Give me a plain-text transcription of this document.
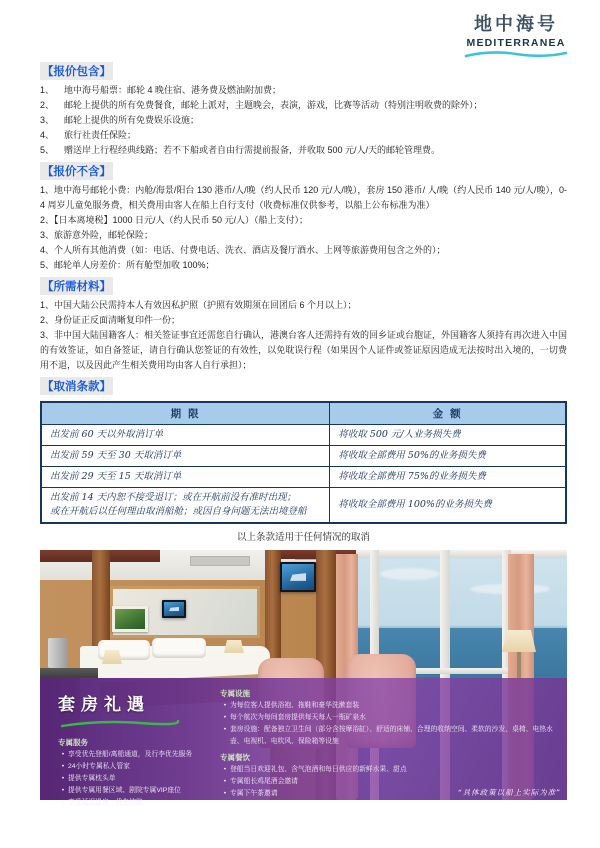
地中海号
MEDITERRANEA
【报价包含】
1、	地中海号船票：邮轮 4 晚住宿、港务费及燃油附加费；
2、	邮轮上提供的所有免费餐食，邮轮上派对，主题晚会，表演，游戏，比赛等活动（特别注明收费的除外）；
3、	邮轮上提供的所有免费娱乐设施；
4、	旅行社责任保险；
5、	赠送岸上行程经典线路；若不下船或者自由行需提前报备，并收取 500 元/人/天的邮轮管理费。
【报价不含】
1、地中海号邮轮小费：内舱/海景/阳台 130 港币/人/晚（约人民币 120 元/人/晚），套房 150 港币/ 人/晚（约人民币 140 元/人/晚），0-4 周岁儿童免服务费，相关费用由客人在船上自行支付（收费标准仅供参考，以船上公布标准为准）
2、【日本离境税】1000 日元/人（约人民币 50 元/人）（船上支付）；
3、旅游意外险，邮轮保险；
4、个人所有其他消费（如：电话、付费电话、洗衣、酒店及餐厅酒水、上网等旅游费用包含之外的）；
5、邮轮单人房差价：所有舱型加收 100%；
【所需材料】
1、中国大陆公民需持本人有效因私护照（护照有效期须在回团后 6 个月以上）；
2、身份证正反面清晰复印件一份；
3、非中国大陆国籍客人：相关签证事宜还需您自行确认，港澳台客人还需持有效的回乡证或台胞证，外国籍客人须持有再次进入中国的有效签证，如自备签证，请自行确认您签证的有效性，以免耽误行程（如果因个人证件或签证原因造成无法按时出入境的，一切费用不退，以及因此产生相关费用均由客人自行承担）；
【取消条款】
期 限	金 额
出发前 60 天以外取消订单	将收取 500 元/人业务损失费
出发前 59 天至 30 天取消订单	将收取全部费用 50%的业务损失费
出发前 29 天至 15 天取消订单	将收取全部费用 75%的业务损失费

出发前 14 天内恕不接受退订；或在开航前没有准时出现；
或在开航后以任何理由取消船舱；或因自身问题无法出境登船	将收取全部费用 100%的业务损失费
以上条款适用于任何情况的取消
套房礼遇
专属服务
• 享受优先登船/离船通道，及行李优先服务
• 24小时专属私人管家
• 提供专属枕头单
• 提供专属用餐区域、剧院专属VIP座位
• 享受延迟退房、优先结账
专属设施
• 为每位客人提供浴袍、拖鞋和豪华洗漱套装
• 每个航次为每间套房提供每天每人一瓶矿泉水
• 套房设施：配备独立卫生间（部分含按摩浴缸）、舒适的床铺、合理的收纳空间、柔软的沙发、桌椅、电热水壶、电视机、电吹风、保险箱等设施
专属餐饮
• 登船当日欢迎礼包、含气泡酒和每日供应的新鲜水果、甜点
• 专属船长鸡尾酒会邀请
• 专属下午茶邀请	“具体政策以船上实际为准”
